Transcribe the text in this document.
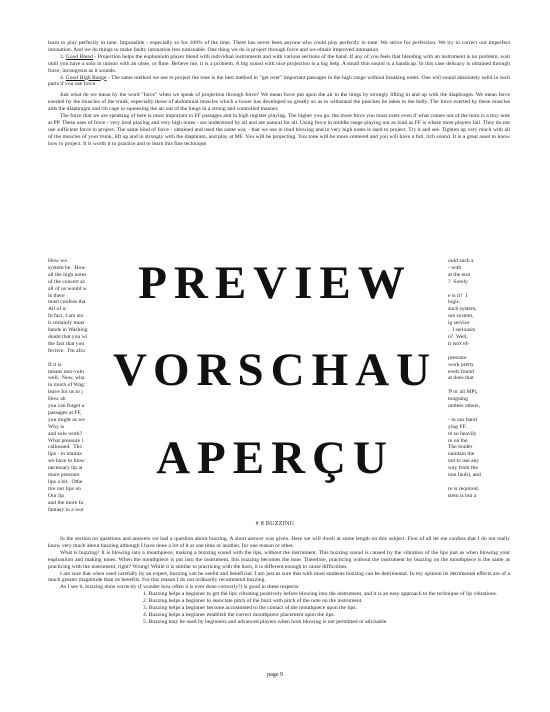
learn to play perfectly in tune. Impossible - especially so for 100% of the time. There has never been anyone who could play perfectly in tune. We strive for perfection. We try to correct our imperfect intonation. And we do things to make faulty intonation less noticeable. One thing we do is project through force and we obtain improved intonation.

3. Good Blend - Projection helps the euphonium player blend with individual instruments and with various sections of the band. If any of you feels that blending with an instrument is no problem, wait until you have a solo in unison with an oboe, or flute. Believe me, it is a problem. A big sound with nice projection is a big help. A small thin sound is a handicap. In this case delicacy is obtained through force, incongrous as it sounds.

4. Good High Range - The same method we use to project the tone is the best method to "get over" important passages in the high range without breaking notes. One will sound absolutely solid in such parts if you use force.

Just what do we mean by the word "force" when we speak of projection through force? We mean force put upon the air in the lungs by strongly lifting in and up with the diaphragm. We mean force exerted by the muscles of the trunk, especially those of abdominal muscles which a boxer has developed so greatly so as to withstand the punches he takes to the belly. The force exerted by these muscles aids the diaphragm and rib cage in squeezing the air out of the lungs in a strong and controlled manner.

The force that we are speaking of here is most important in FF passages and in high register playing. The higher you go, the more force you must exert even if what comes out of the horn is a tiny note at PP. These uses of force - very loud playing and very high notes - are understood by all and are natural for all. Using force in middle range playing not as loud as FF is where most players fail. They do not use sufficient force to project. The same kind of force - obtained and used the same way - that we use in loud blowing and in very high notes is used to project. Try it and see. Tighten up very much with all of the muscles of your trunk, lift up and in strongly with the diaphram, and play at MF. You will be projecting. You tone will be more centered and you will have a full, rich sound. It is a great asset to know how to project. It is worth it to practice and to learn this fine technique.

How wo
system be.  How
all the high notes
of the concert as
all of us would w
Is there
must confess tha
All of u:
In fact, I am sur
it certainly must
bands in Washing
doubt that you wi
the fact that you
fective.  I'm afra

If it is
means non-volu
well.  Now, wha
in much of Wag:
leave for us to j
How ab
you can forget a
passages at FF,
you might as we
Why is
and solo work?
What pressure l
calloused.  Thi:
lips - to mainta
we have to blow
necessary lip ai
more pressure
lips a bit.  Othe
tire our lips un
Our lip
and the more fa
fantasy to a wor
ould such a
- with
at the end
?  Surely

e is it?  I
logic.
such system,
ure system,
ig service
.  I seriously
n?  Well,
it isn't ef-

pressure
work pretty
evels found
at does that

'P or all MP),
tonguing
ontless others,

- in our band
ying FF.
re so heavily
re on the
The louder
naintain the
not to use any
way from the
non fault), and

re is required,
stem is but a
PREVIEW
VORSCHAU
APERÇU
# 8 BUZZING

In the section on questions and answers we had a question about buzzing. A short answer was given. Here we will dwell at some length on this subject. First of all let me confess that I do not really know very much about buzzing although I have done a lot of it at one time or another, for one reason or other.

What is buzzing? It is blowing into a mouthpiece, making a buzzing sound with the lips, without the instrument. This buzzing sound is caused by the vibration of the lips just as when blowing your euphonium and making tones. When the mouthpiece is put into the instrument, this buzzing becomes the tone. Therefore, practicing without the instrument by buzzing on the mouthpiece is the same as practicing with the instrument, right? Wrong! While it is similar to practicing with the horn, it is different enough to cause difficulties.

I am sure that when used carefully by an expert, buzzing can be useful and beneficial. I am just as sure that with most students buzzing can be detrimental. In my opinion its detrimental effects are of a much greater magnitude than its benefits. For this reason I do not ordinarily recommend buzzing.

As I see it, buzzing done correctly (I wonder how often it is ever done correctly?) is good in these respects:

1. Buzzing helps a beginner to get the lips vibrating positively before blowing into the instrument, and it is an easy approach to the technique of lip vibrations.
2. Buzzing helps a beginner to associate pitch of the buzz with pitch of the note on the instrument.
3. Buzzing helps a beginner become accustomed to the contact of the mouthpiece upon the lips.
4. Buzzing helps a beginner establish the correct mouthpiece placement upon the lips.
5. Buzzing may be used by beginners and advanced players when horn blowing is not permitted or advisable.
page 9
